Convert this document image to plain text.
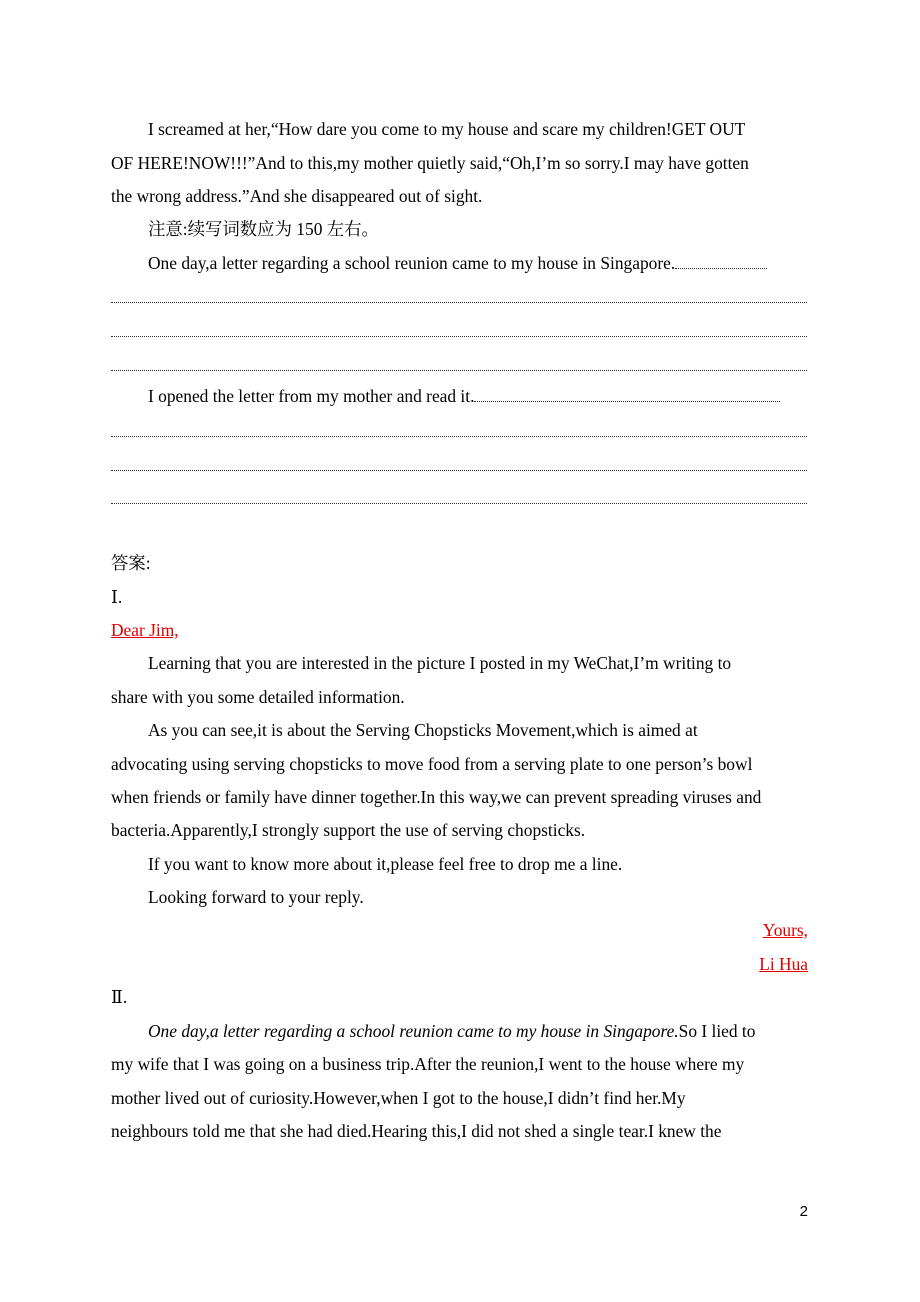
I screamed at her,“How dare you come to my house and scare my children!GET OUT
OF HERE!NOW!!!”And to this,my mother quietly said,“Oh,I’m so sorry.I may have gotten
the wrong address.”And she disappeared out of sight.
注意:续写词数应为 150 左右。
One day,a letter regarding a school reunion came to my house in Singapore.
I opened the letter from my mother and read it.
答案:
Ⅰ.
Dear Jim,
Learning that you are interested in the picture I posted in my WeChat,I’m writing to
share with you some detailed information.
As you can see,it is about the Serving Chopsticks Movement,which is aimed at
advocating using serving chopsticks to move food from a serving plate to one person’s bowl
when friends or family have dinner together.In this way,we can prevent spreading viruses and
bacteria.Apparently,I strongly support the use of serving chopsticks.
If you want to know more about it,please feel free to drop me a line.
Looking forward to your reply.
Yours,
Li Hua
Ⅱ.
One day,a letter regarding a school reunion came to my house in Singapore.So I lied to
my wife that I was going on a business trip.After the reunion,I went to the house where my
mother lived out of curiosity.However,when I got to the house,I didn’t find her.My
neighbours told me that she had died.Hearing this,I did not shed a single tear.I knew the
2
